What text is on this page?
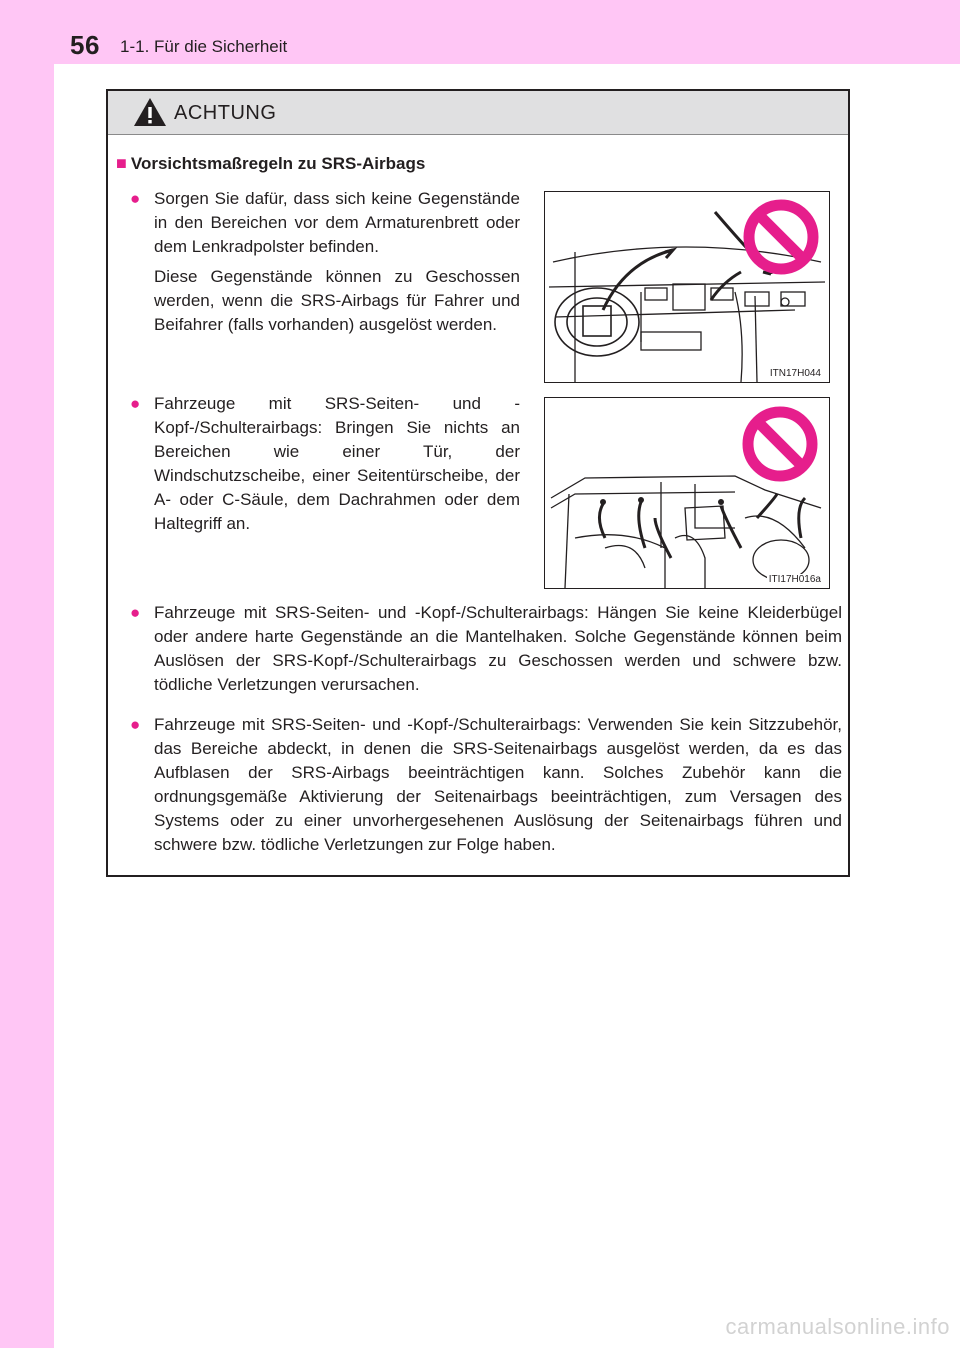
56 1-1. Für die Sicherheit
ACHTUNG
■ Vorsichtsmaßregeln zu SRS-Airbags
● Sorgen Sie dafür, dass sich keine Gegenstände in den Bereichen vor dem Armaturenbrett oder dem Lenkradpolster befinden.

Diese Gegenstände können zu Geschossen werden, wenn die SRS-Airbags für Fahrer und Beifahrer (falls vorhanden) ausgelöst werden.

ITN17H044
● Fahrzeuge mit SRS-Seiten- und -Kopf-/Schulterairbags: Bringen Sie nichts an Bereichen wie einer Tür, der Windschutzscheibe, einer Seitentürscheibe, der A- oder C-Säule, dem Dachrahmen oder dem Haltegriff an.

ITI17H016a
● Fahrzeuge mit SRS-Seiten- und -Kopf-/Schulterairbags: Hängen Sie keine Kleiderbügel oder andere harte Gegenstände an die Mantelhaken. Solche Gegenstände können beim Auslösen der SRS-Kopf-/Schulterairbags zu Geschossen werden und schwere bzw. tödliche Verletzungen verursachen.

● Fahrzeuge mit SRS-Seiten- und -Kopf-/Schulterairbags: Verwenden Sie kein Sitzzubehör, das Bereiche abdeckt, in denen die SRS-Seitenairbags ausgelöst werden, da es das Aufblasen der SRS-Airbags beeinträchtigen kann. Solches Zubehör kann die ordnungsgemäße Aktivierung der Seitenairbags beeinträchtigen, zum Versagen des Systems oder zu einer unvorhergesehenen Auslösung der Seitenairbags führen und schwere bzw. tödliche Verletzungen zur Folge haben.

carmanualsonline.info
